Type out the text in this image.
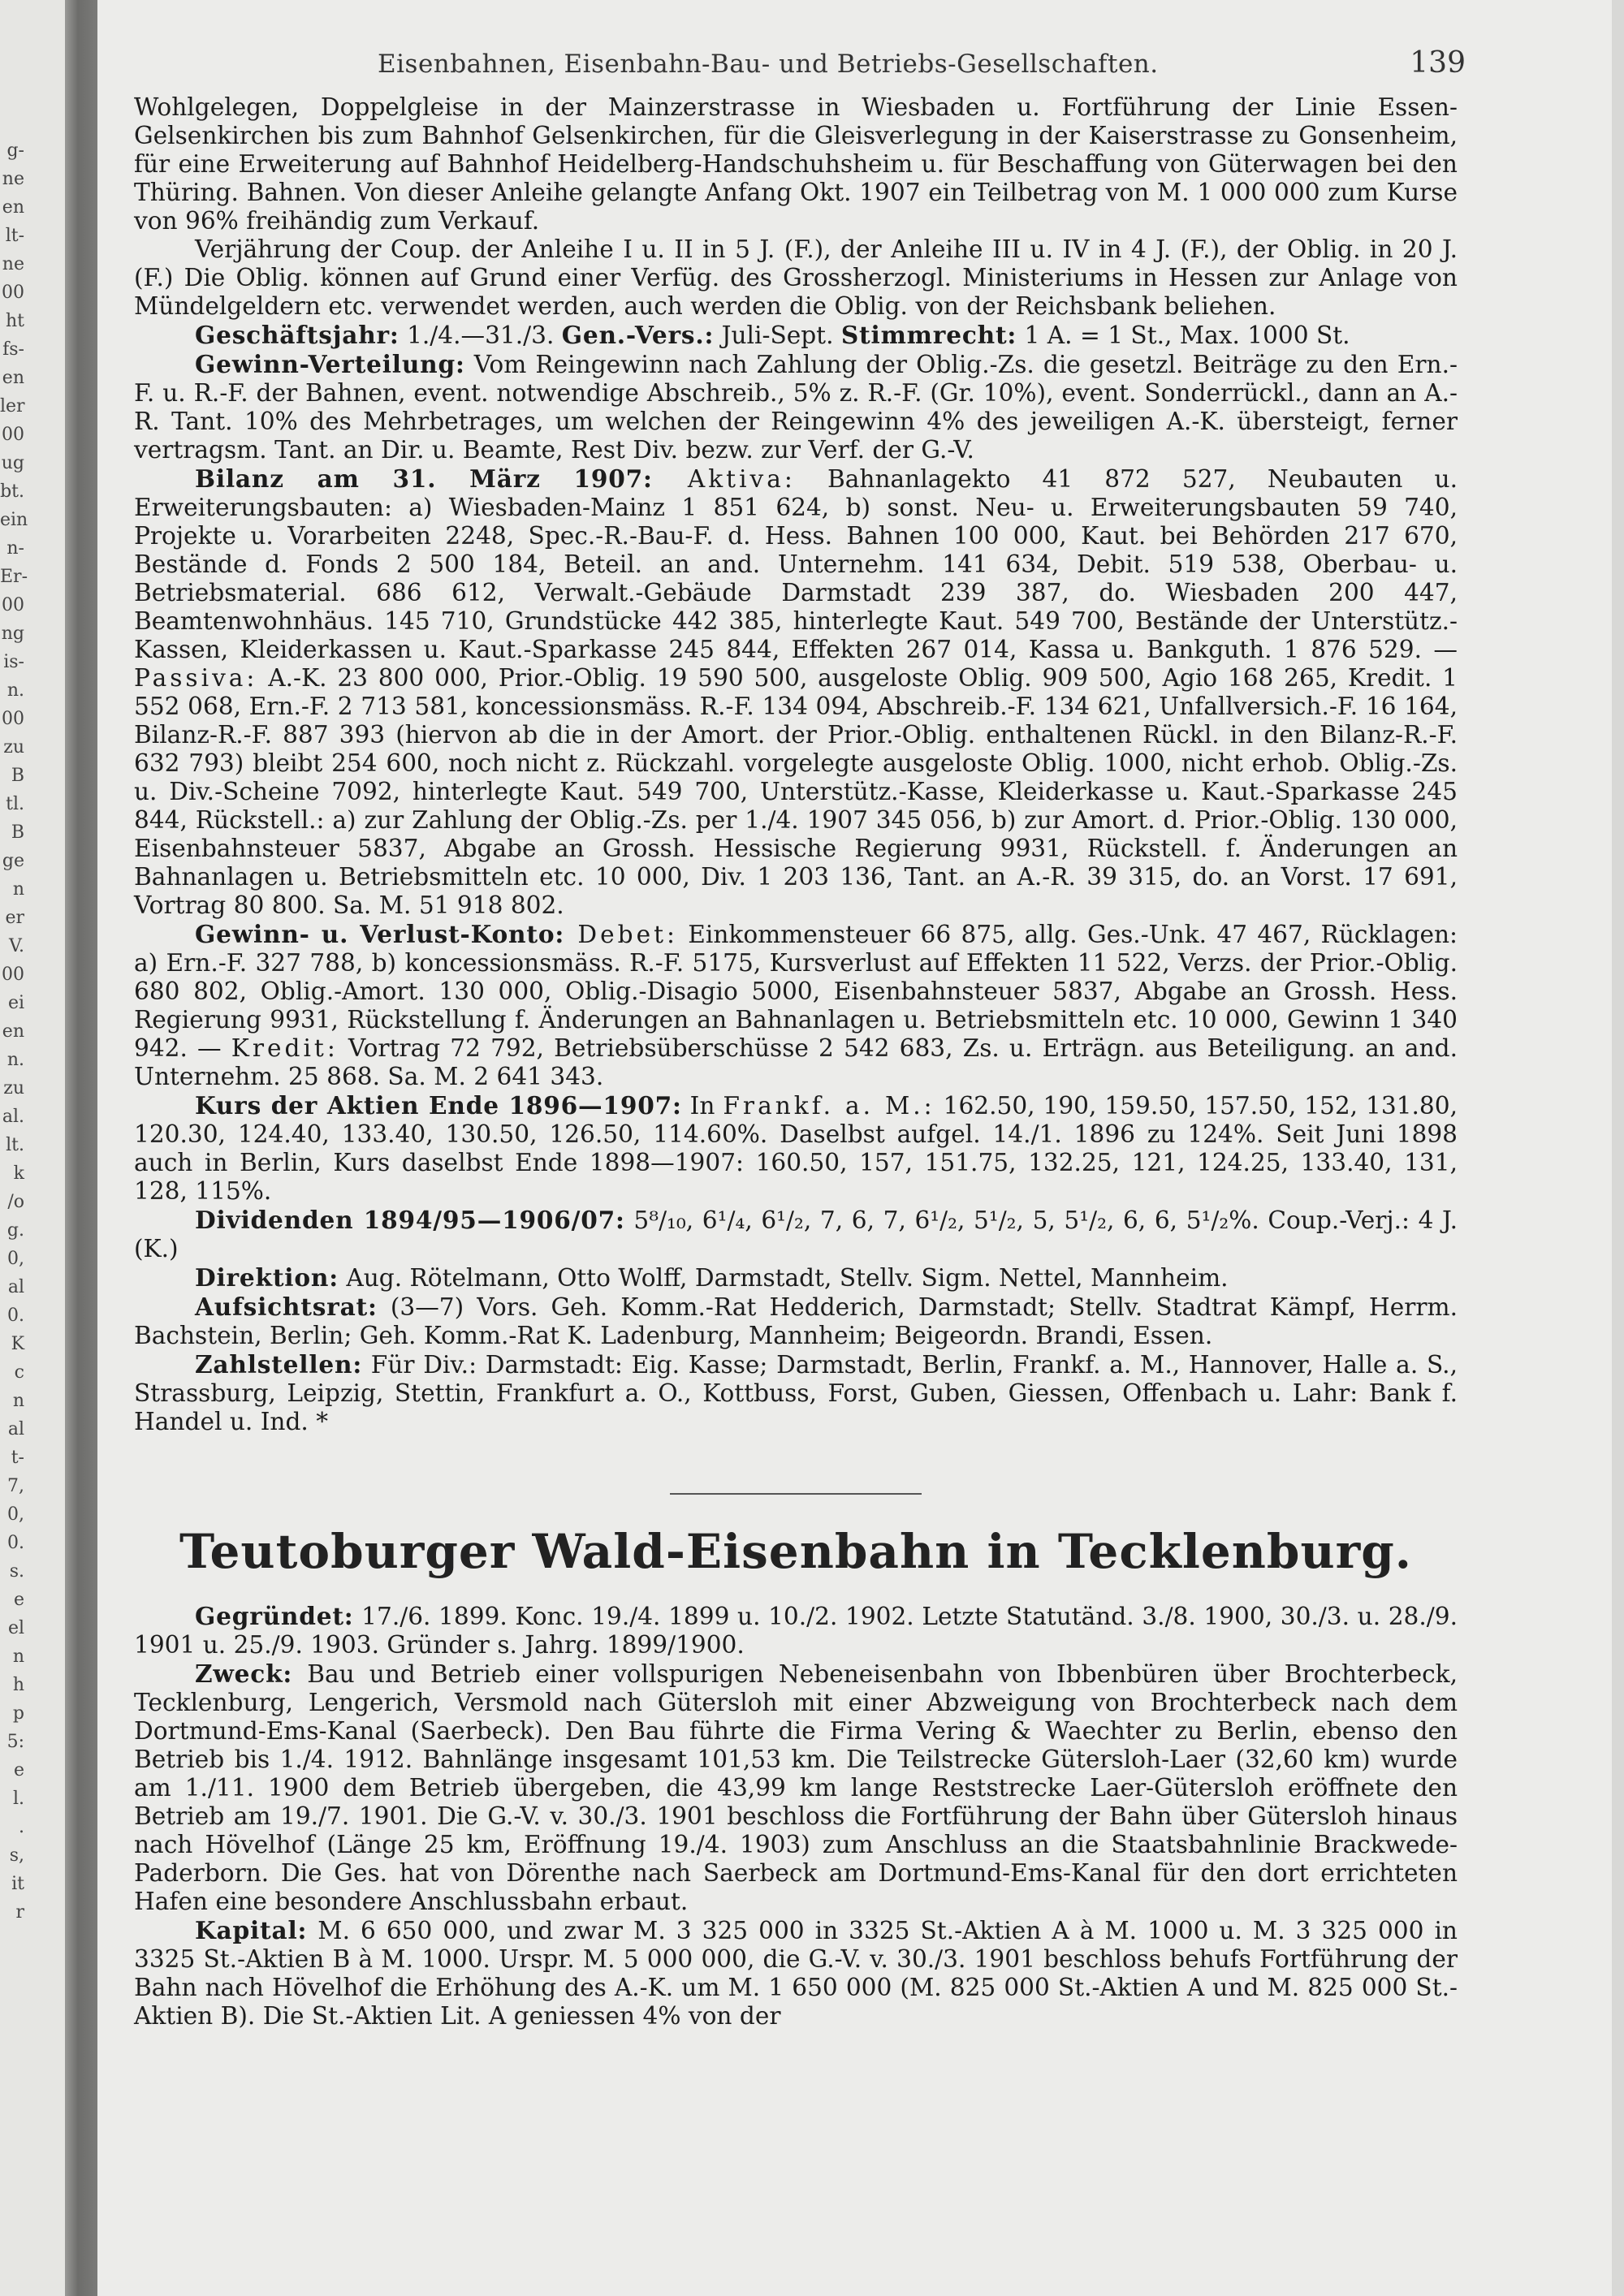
g-
ne
en
lt-
ne
00
ht
fs-
en
ler
00
ug
bt.
ein
n-
Er-
00
ng
is-
n.
00
zu
B
tl.
B
ge
n
er
V.
00
ei
en
n.
zu
al.
lt.
k
/o
g.
0,
al
0.
K
c
n
al
t-
7,
0,
0.
s.
e
el
n
h
p
5:
e
l.
.
s,
it
r
Eisenbahnen, Eisenbahn-Bau- und Betriebs-Gesellschaften.	139

Wohlgelegen, Doppelgleise in der Mainzerstrasse in Wiesbaden u. Fortführung der Linie Essen-Gelsenkirchen bis zum Bahnhof Gelsenkirchen, für die Gleisverlegung in der Kaiserstrasse zu Gonsenheim, für eine Erweiterung auf Bahnhof Heidelberg-Handschuhsheim u. für Beschaffung von Güterwagen bei den Thüring. Bahnen. Von dieser Anleihe gelangte Anfang Okt. 1907 ein Teilbetrag von M. 1 000 000 zum Kurse von 96% freihändig zum Verkauf.

Verjährung der Coup. der Anleihe I u. II in 5 J. (F.), der Anleihe III u. IV in 4 J. (F.), der Oblig. in 20 J. (F.) Die Oblig. können auf Grund einer Verfüg. des Grossherzogl. Ministeriums in Hessen zur Anlage von Mündelgeldern etc. verwendet werden, auch werden die Oblig. von der Reichsbank beliehen.

Geschäftsjahr: 1./4.—31./3. Gen.-Vers.: Juli-Sept. Stimmrecht: 1 A. = 1 St., Max. 1000 St.

Gewinn-Verteilung: Vom Reingewinn nach Zahlung der Oblig.-Zs. die gesetzl. Beiträge zu den Ern.-F. u. R.-F. der Bahnen, event. notwendige Abschreib., 5% z. R.-F. (Gr. 10%), event. Sonderrückl., dann an A.-R. Tant. 10% des Mehrbetrages, um welchen der Reingewinn 4% des jeweiligen A.-K. übersteigt, ferner vertragsm. Tant. an Dir. u. Beamte, Rest Div. bezw. zur Verf. der G.-V.

Bilanz am 31. März 1907: Aktiva: Bahnanlagekto 41 872 527, Neubauten u. Erweiterungsbauten: a) Wiesbaden-Mainz 1 851 624, b) sonst. Neu- u. Erweiterungsbauten 59 740, Projekte u. Vorarbeiten 2248, Spec.-R.-Bau-F. d. Hess. Bahnen 100 000, Kaut. bei Behörden 217 670, Bestände d. Fonds 2 500 184, Beteil. an and. Unternehm. 141 634, Debit. 519 538, Oberbau- u. Betriebsmaterial. 686 612, Verwalt.-Gebäude Darmstadt 239 387, do. Wiesbaden 200 447, Beamtenwohnhäus. 145 710, Grundstücke 442 385, hinterlegte Kaut. 549 700, Bestände der Unterstütz.-Kassen, Kleiderkassen u. Kaut.-Sparkasse 245 844, Effekten 267 014, Kassa u. Bankguth. 1 876 529. — Passiva: A.-K. 23 800 000, Prior.-Oblig. 19 590 500, ausgeloste Oblig. 909 500, Agio 168 265, Kredit. 1 552 068, Ern.-F. 2 713 581, koncessionsmäss. R.-F. 134 094, Abschreib.-F. 134 621, Unfallversich.-F. 16 164, Bilanz-R.-F. 887 393 (hiervon ab die in der Amort. der Prior.-Oblig. enthaltenen Rückl. in den Bilanz-R.-F. 632 793) bleibt 254 600, noch nicht z. Rückzahl. vorgelegte ausgeloste Oblig. 1000, nicht erhob. Oblig.-Zs. u. Div.-Scheine 7092, hinterlegte Kaut. 549 700, Unterstütz.-Kasse, Kleiderkasse u. Kaut.-Sparkasse 245 844, Rückstell.: a) zur Zahlung der Oblig.-Zs. per 1./4. 1907 345 056, b) zur Amort. d. Prior.-Oblig. 130 000, Eisenbahnsteuer 5837, Abgabe an Grossh. Hessische Regierung 9931, Rückstell. f. Änderungen an Bahnanlagen u. Betriebsmitteln etc. 10 000, Div. 1 203 136, Tant. an A.-R. 39 315, do. an Vorst. 17 691, Vortrag 80 800. Sa. M. 51 918 802.

Gewinn- u. Verlust-Konto: Debet: Einkommensteuer 66 875, allg. Ges.-Unk. 47 467, Rücklagen: a) Ern.-F. 327 788, b) koncessionsmäss. R.-F. 5175, Kursverlust auf Effekten 11 522, Verzs. der Prior.-Oblig. 680 802, Oblig.-Amort. 130 000, Oblig.-Disagio 5000, Eisenbahnsteuer 5837, Abgabe an Grossh. Hess. Regierung 9931, Rückstellung f. Änderungen an Bahnanlagen u. Betriebsmitteln etc. 10 000, Gewinn 1 340 942. — Kredit: Vortrag 72 792, Betriebsüberschüsse 2 542 683, Zs. u. Erträgn. aus Beteiligung. an and. Unternehm. 25 868. Sa. M. 2 641 343.

Kurs der Aktien Ende 1896—1907: In Frankf. a. M.: 162.50, 190, 159.50, 157.50, 152, 131.80, 120.30, 124.40, 133.40, 130.50, 126.50, 114.60%. Daselbst aufgel. 14./1. 1896 zu 124%. Seit Juni 1898 auch in Berlin, Kurs daselbst Ende 1898—1907: 160.50, 157, 151.75, 132.25, 121, 124.25, 133.40, 131, 128, 115%.

Dividenden 1894/95—1906/07: 5⁸/₁₀, 6¹/₄, 6¹/₂, 7, 6, 7, 6¹/₂, 5¹/₂, 5, 5¹/₂, 6, 6, 5¹/₂%. Coup.-Verj.: 4 J. (K.)

Direktion: Aug. Rötelmann, Otto Wolff, Darmstadt, Stellv. Sigm. Nettel, Mannheim.

Aufsichtsrat: (3—7) Vors. Geh. Komm.-Rat Hedderich, Darmstadt; Stellv. Stadtrat Kämpf, Herrm. Bachstein, Berlin; Geh. Komm.-Rat K. Ladenburg, Mannheim; Beigeordn. Brandi, Essen.

Zahlstellen: Für Div.: Darmstadt: Eig. Kasse; Darmstadt, Berlin, Frankf. a. M., Hannover, Halle a. S., Strassburg, Leipzig, Stettin, Frankfurt a. O., Kottbuss, Forst, Guben, Giessen, Offenbach u. Lahr: Bank f. Handel u. Ind. *

Teutoburger Wald-Eisenbahn in Tecklenburg.

Gegründet: 17./6. 1899. Konc. 19./4. 1899 u. 10./2. 1902. Letzte Statutänd. 3./8. 1900, 30./3. u. 28./9. 1901 u. 25./9. 1903. Gründer s. Jahrg. 1899/1900.

Zweck: Bau und Betrieb einer vollspurigen Nebeneisenbahn von Ibbenbüren über Brochterbeck, Tecklenburg, Lengerich, Versmold nach Gütersloh mit einer Abzweigung von Brochterbeck nach dem Dortmund-Ems-Kanal (Saerbeck). Den Bau führte die Firma Vering & Waechter zu Berlin, ebenso den Betrieb bis 1./4. 1912. Bahnlänge insgesamt 101,53 km. Die Teilstrecke Gütersloh-Laer (32,60 km) wurde am 1./11. 1900 dem Betrieb übergeben, die 43,99 km lange Reststrecke Laer-Gütersloh eröffnete den Betrieb am 19./7. 1901. Die G.-V. v. 30./3. 1901 beschloss die Fortführung der Bahn über Gütersloh hinaus nach Hövelhof (Länge 25 km, Eröffnung 19./4. 1903) zum Anschluss an die Staatsbahnlinie Brackwede-Paderborn. Die Ges. hat von Dörenthe nach Saerbeck am Dortmund-Ems-Kanal für den dort errichteten Hafen eine besondere Anschlussbahn erbaut.

Kapital: M. 6 650 000, und zwar M. 3 325 000 in 3325 St.-Aktien A à M. 1000 u. M. 3 325 000 in 3325 St.-Aktien B à M. 1000. Urspr. M. 5 000 000, die G.-V. v. 30./3. 1901 beschloss behufs Fortführung der Bahn nach Hövelhof die Erhöhung des A.-K. um M. 1 650 000 (M. 825 000 St.-Aktien A und M. 825 000 St.-Aktien B). Die St.-Aktien Lit. A geniessen 4% von der
